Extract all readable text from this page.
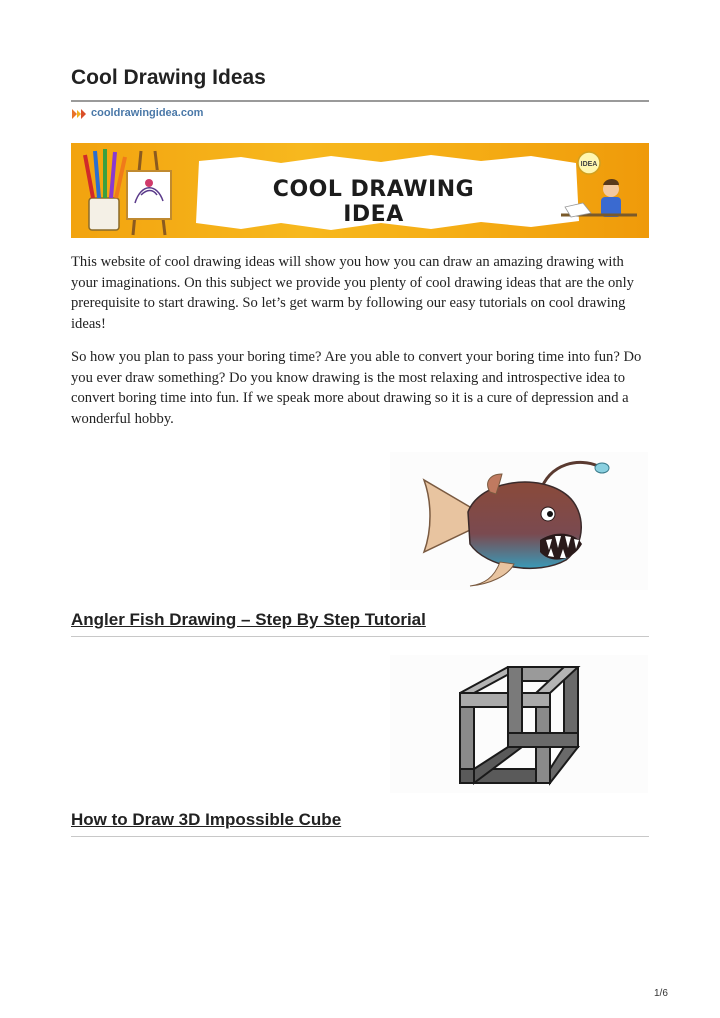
Cool Drawing Ideas
cooldrawingidea.com
IDEA
COOL DRAWING IDEA

This website of cool drawing ideas will show you how you can draw an amazing drawing with your imaginations. On this subject we provide you plenty of cool drawing ideas that are the only prerequisite to start drawing. So let’s get warm by following our easy tutorials on cool drawing ideas!

So how you plan to pass your boring time? Are you able to convert your boring time into fun? Do you ever draw something? Do you know drawing is the most relaxing and introspective idea to convert boring time into fun. If we speak more about drawing so it is a cure of depression and a wonderful hobby.

Angler Fish Drawing – Step By Step Tutorial
How to Draw 3D Impossible Cube
1/6
